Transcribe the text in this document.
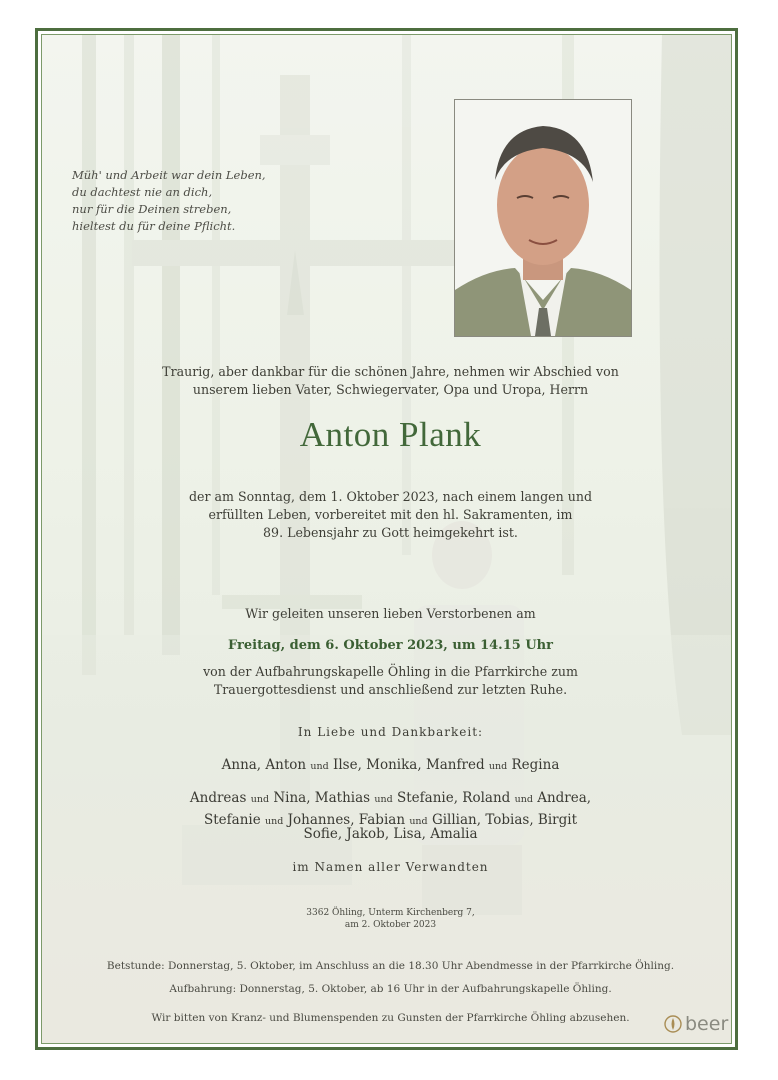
Müh' und Arbeit war dein Leben,
du dachtest nie an dich,
nur für die Deinen streben,
hieltest du für deine Pflicht.
Traurig, aber dankbar für die schönen Jahre, nehmen wir Abschied von
unserem lieben Vater, Schwiegervater, Opa und Uropa, Herrn
Anton Plank
der am Sonntag, dem 1. Oktober 2023, nach einem langen und
erfüllten Leben, vorbereitet mit den hl. Sakramenten, im
89. Lebensjahr zu Gott heimgekehrt ist.
Wir geleiten unseren lieben Verstorbenen am
Freitag, dem 6. Oktober 2023, um 14.15 Uhr
von der Aufbahrungskapelle Öhling in die Pfarrkirche zum
Trauergottesdienst und anschließend zur letzten Ruhe.
In Liebe und Dankbarkeit:
Anna, Anton und Ilse, Monika, Manfred und Regina
Andreas und Nina, Mathias und Stefanie, Roland und Andrea,
Stefanie und Johannes, Fabian und Gillian, Tobias, Birgit
Sofie, Jakob, Lisa, Amalia
im Namen aller Verwandten
3362 Öhling, Unterm Kirchenberg 7,
am 2. Oktober 2023
Betstunde: Donnerstag, 5. Oktober, im Anschluss an die 18.30 Uhr Abendmesse in der Pfarrkirche Öhling.
Aufbahrung: Donnerstag, 5. Oktober, ab 16 Uhr in der Aufbahrungskapelle Öhling.
Wir bitten von Kranz- und Blumenspenden zu Gunsten der Pfarrkirche Öhling abzusehen.	beer
